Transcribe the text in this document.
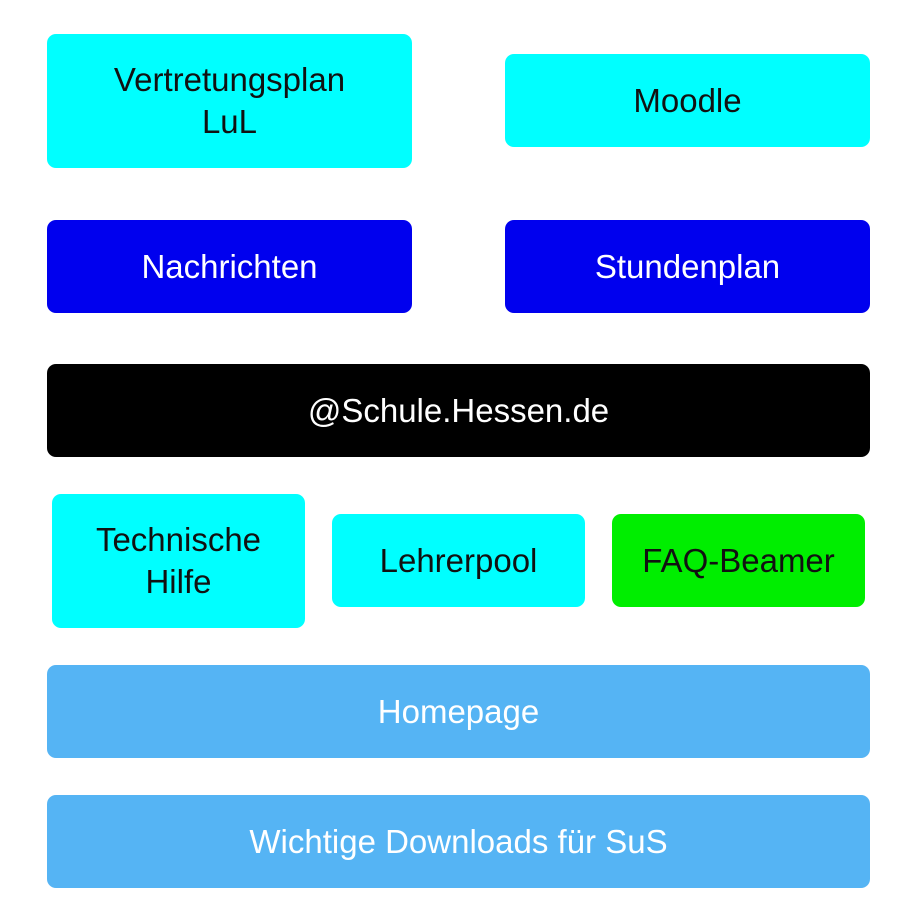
Vertretungsplan
LuL
Moodle
Nachrichten	Stundenplan
@Schule.Hessen.de
Technische
Hilfe
Lehrerpool	FAQ-Beamer
Homepage
Wichtige Downloads für SuS
